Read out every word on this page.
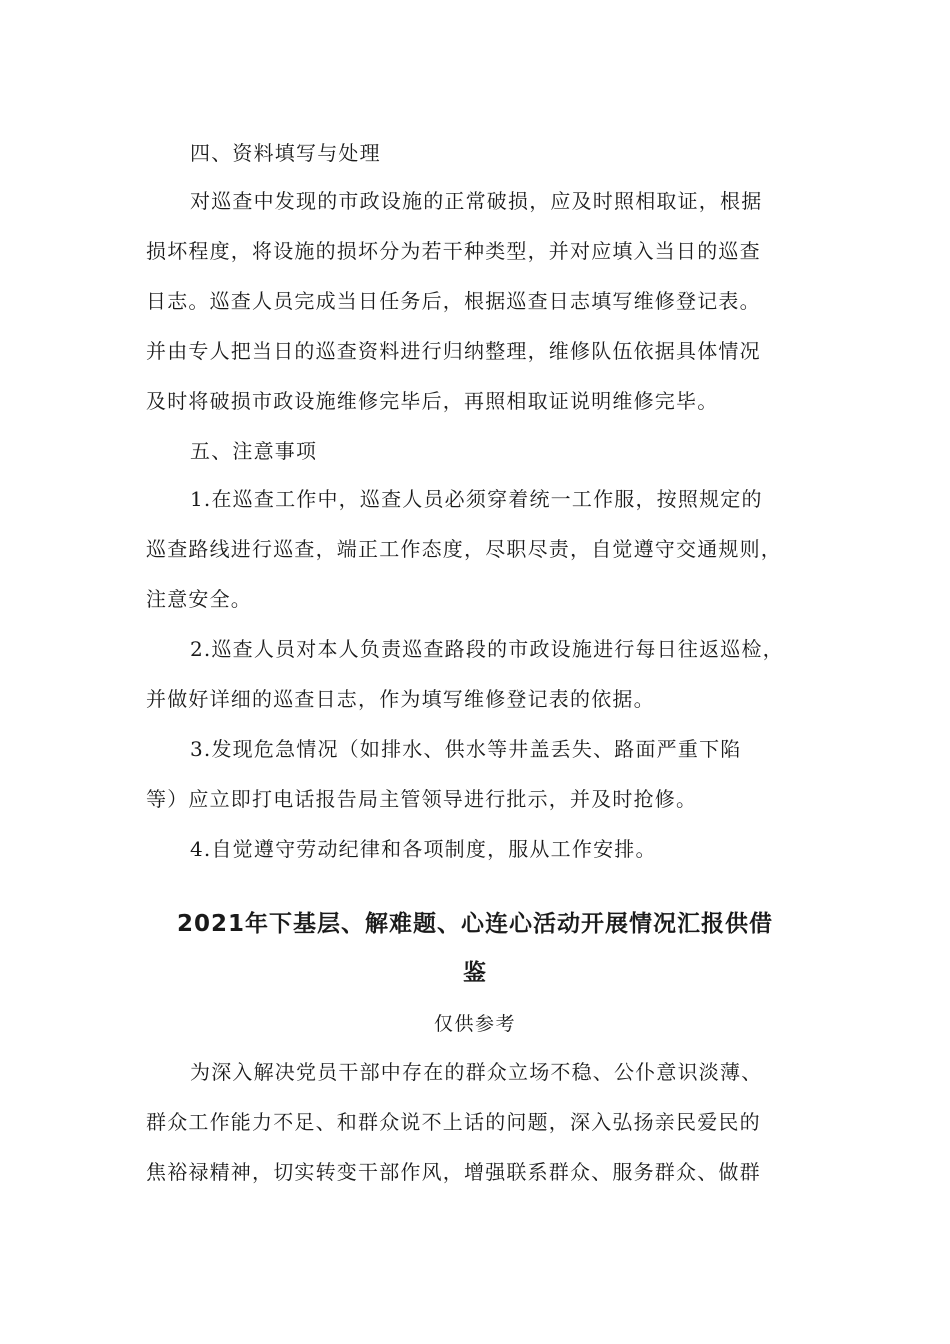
四、资料填写与处理
对巡查中发现的市政设施的正常破损，应及时照相取证，根据
损坏程度，将设施的损坏分为若干种类型，并对应填入当日的巡查
日志。巡查人员完成当日任务后，根据巡查日志填写维修登记表。
并由专人把当日的巡查资料进行归纳整理，维修队伍依据具体情况
及时将破损市政设施维修完毕后，再照相取证说明维修完毕。
五、注意事项
1.在巡查工作中，巡查人员必须穿着统一工作服，按照规定的
巡查路线进行巡查，端正工作态度，尽职尽责，自觉遵守交通规则，
注意安全。
2.巡查人员对本人负责巡查路段的市政设施进行每日往返巡检，
并做好详细的巡查日志，作为填写维修登记表的依据。
3.发现危急情况（如排水、供水等井盖丢失、路面严重下陷
等）应立即打电话报告局主管领导进行批示，并及时抢修。
4.自觉遵守劳动纪律和各项制度，服从工作安排。
2021年下基层、解难题、心连心活动开展情况汇报供借
鉴
仅供参考
为深入解决党员干部中存在的群众立场不稳、公仆意识淡薄、
群众工作能力不足、和群众说不上话的问题，深入弘扬亲民爱民的
焦裕禄精神，切实转变干部作风，增强联系群众、服务群众、做群
